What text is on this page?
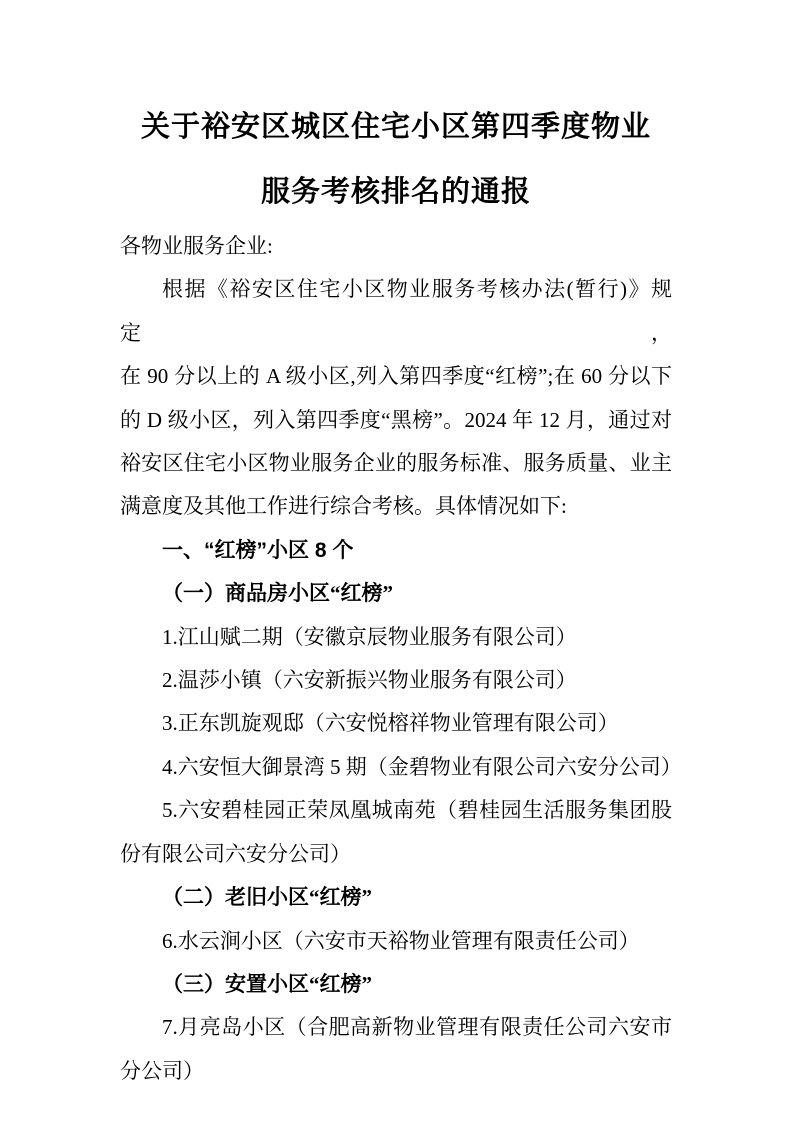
关于裕安区城区住宅小区第四季度物业
服务考核排名的通报
各物业服务企业:
根据《裕安区住宅小区物业服务考核办法(暂行)》规定，
在 90 分以上的 A 级小区,列入第四季度“红榜”;在 60 分以下
的 D 级小区，列入第四季度“黑榜”。2024 年 12 月，通过对
裕安区住宅小区物业服务企业的服务标准、服务质量、业主
满意度及其他工作进行综合考核。具体情况如下:
一、“红榜”小区 8 个
（一）商品房小区“红榜”
1.江山赋二期（安徽京辰物业服务有限公司）
2.温莎小镇（六安新振兴物业服务有限公司）
3.正东凯旋观邸（六安悦榕祥物业管理有限公司）
4.六安恒大御景湾 5 期（金碧物业有限公司六安分公司）
5.六安碧桂园正荣凤凰城南苑（碧桂园生活服务集团股
份有限公司六安分公司）
（二）老旧小区“红榜”
6.水云涧小区（六安市天裕物业管理有限责任公司）
（三）安置小区“红榜”
7.月亮岛小区（合肥高新物业管理有限责任公司六安市
分公司）
